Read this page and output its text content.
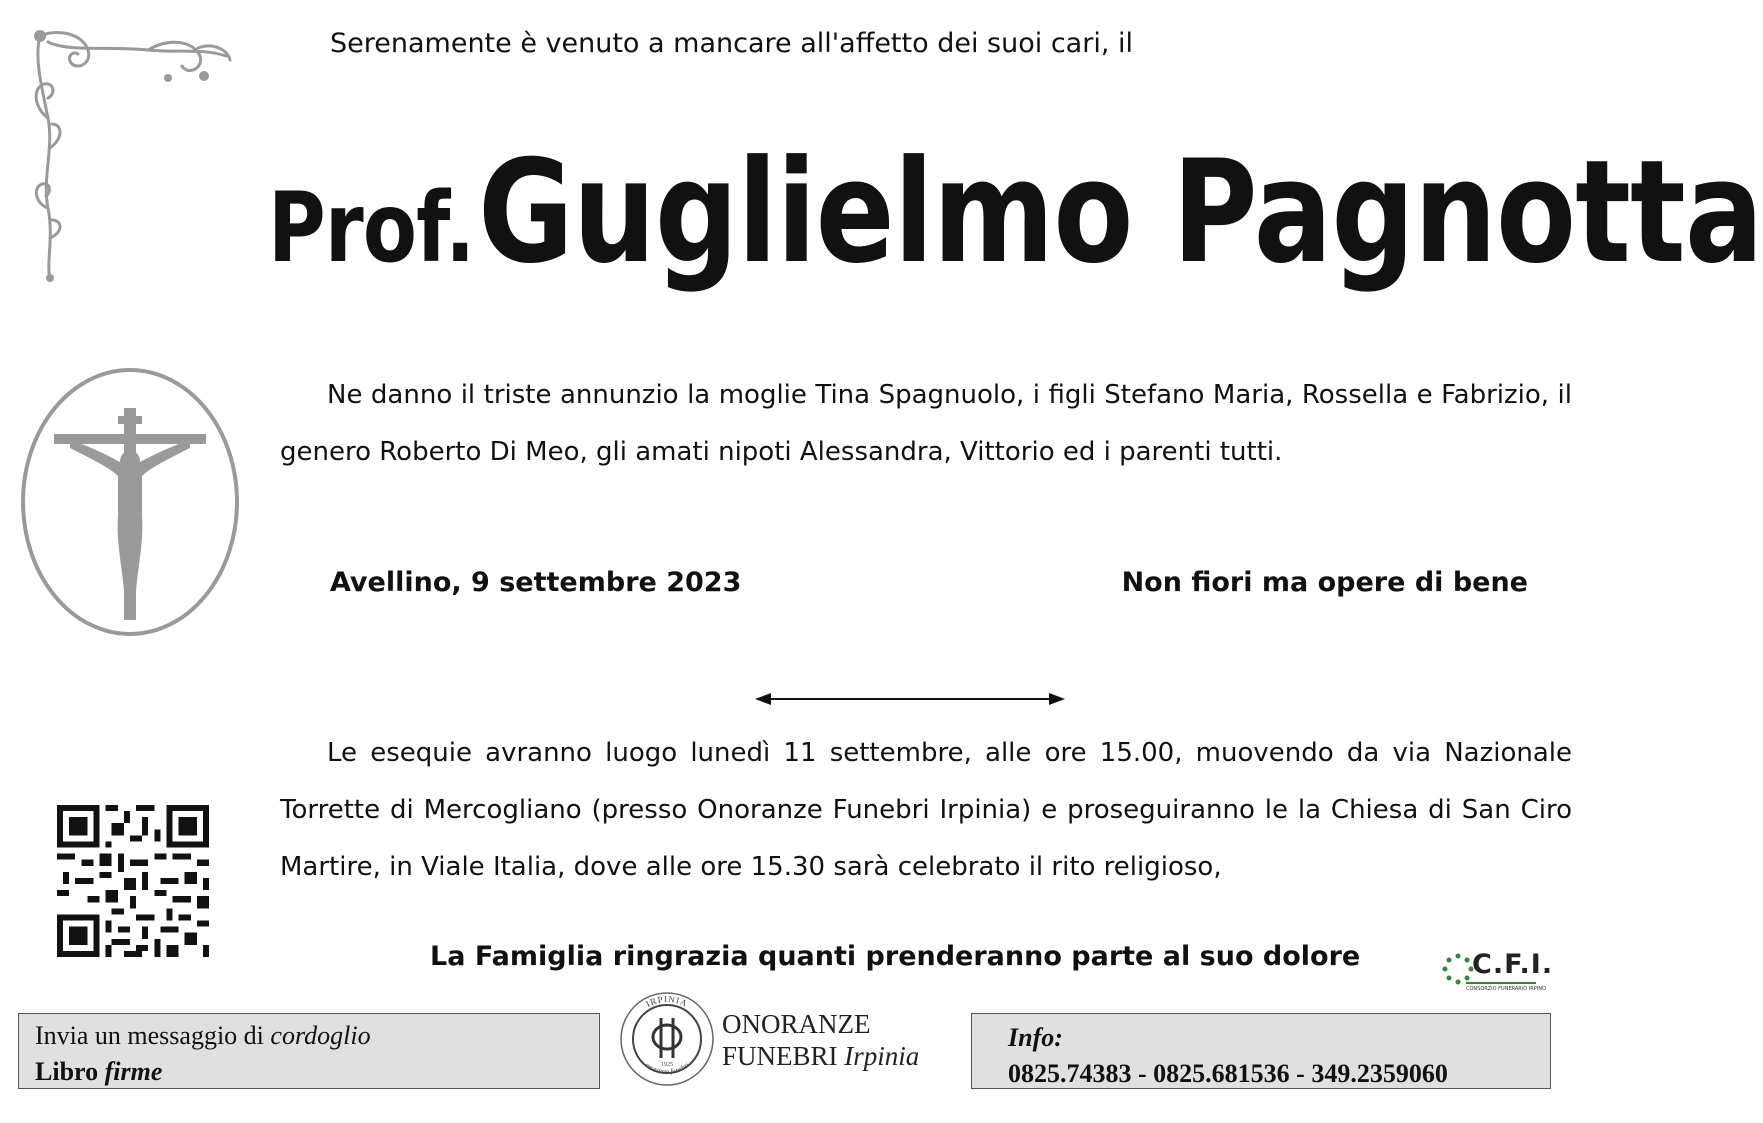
Serenamente è venuto a mancare all'affetto dei suoi cari, il
Prof. Guglielmo Pagnotta
Ne danno il triste annunzio la moglie Tina Spagnuolo, i figli Stefano Maria, Rossella e Fabrizio, il genero Roberto Di Meo, gli amati nipoti Alessandra, Vittorio ed i parenti tutti.
Avellino, 9 settembre 2023	Non fiori ma opere di bene
Le esequie avranno luogo lunedì 11 settembre, alle ore 15.00, muovendo da via Nazionale Torrette di Mercogliano (presso Onoranze Funebri Irpinia) e proseguiranno le la Chiesa di San Ciro Martire, in Viale Italia, dove alle ore 15.30 sarà celebrato il rito religioso,
La Famiglia ringrazia quanti prenderanno parte al suo dolore	C.F.I.
CONSORZIO FUNERARIO IRPINO
Invia un messaggio di cordoglio
Libro firme
IRPINIA
onoranze funebri
1925
ONORANZE
FUNEBRI Irpinia
Info:
0825.74383 - 0825.681536 - 349.2359060
